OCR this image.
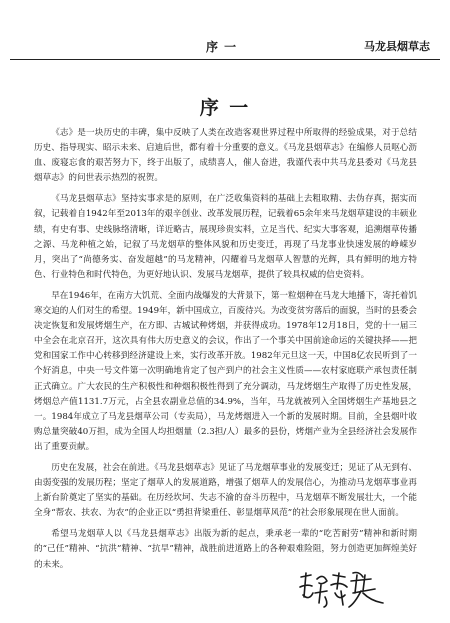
序 一	马龙县烟草志
序 一

《志》是一块历史的丰碑，集中反映了人类在改造客观世界过程中所取得的经验成果，对于总结历史、指导现实、昭示未来、启迪后世，都有着十分重要的意义。《马龙县烟草志》在编修人员呕心沥血、废寝忘食的艰苦努力下，终于出版了，成绩喜人，催人奋进，我谨代表中共马龙县委对《马龙县烟草志》的问世表示热烈的祝贺。

《马龙县烟草志》坚持实事求是的原则，在广泛收集资料的基础上去粗取精、去伪存真，据实而叙，记载着自1942年至2013年的艰辛创业、改革发展历程，记载着65余年来马龙烟草建设的丰硕业绩，有史有事、史线脉络清晰，详近略古，展现珍贵实料，立足当代、纪实大事客观，追溯烟草传播之源、马龙种植之始，记叙了马龙烟草的整体风貌和历史变迁，再现了马龙事业快速发展的峥嵘岁月，突出了“尚德务实、奋发超越”的马龙精神，闪耀着马龙烟草人智慧的光辉，具有鲜明的地方特色、行业特色和时代特色，为更好地认识、发展马龙烟草，提供了较具权威的信史资料。

早在1946年，在南方大饥荒、全面内战爆发的大背景下，第一粒烟种在马龙大地播下，寄托着饥寒交迫的人们对生的希望。1949年，新中国成立，百废待兴。为改变贫穷落后的面貌，当时的县委会决定恢复和发展烤烟生产，在方即、古城试种烤烟，并获得成功。1978年12月18日，党的十一届三中全会在北京召开，这次具有伟大历史意义的会议，作出了一个事关中国前途命运的关键抉择——把党和国家工作中心转移到经济建设上来，实行改革开放。1982年元旦这一天，中国8亿农民听到了一个好消息，中央一号文件第一次明确地肯定了包产到户的社会主义性质——农村家庭联产承包责任制正式确立。广大农民的生产积极性和种烟积极性得到了充分调动，马龙烤烟生产取得了历史性发展，烤烟总产值1131.7万元，占全县农副业总值的34.9%，当年，马龙就被列入全国烤烟生产基地县之一。1984年成立了马龙县烟草公司（专卖局），马龙烤烟进入一个新的发展时期。目前，全县烟叶收购总量突破40万担，成为全国人均担烟量（2.3担/人）最多的县份，烤烟产业为全县经济社会发展作出了重要贡献。

历史在发展，社会在前进。《马龙县烟草志》见证了马龙烟草事业的发展变迁；见证了从无到有、由弱变强的发展历程；坚定了烟草人的发展道路，增强了烟草人的发展信心，为推动马龙烟草事业再上新台阶奠定了坚实的基础。在历经坎坷、失志不渝的奋斗历程中，马龙烟草不断发展壮大，一个能全身“帮农、扶农、为农”的企业正以“勇担背梁重任、彰显烟草风范”的社会形象展现在世人面前。

希望马龙烟草人以《马龙县烟草志》出版为新的起点，秉承老一辈的“吃苦耐劳”精神和新时期的“己任”精神、“抗洪”精神、“抗旱”精神，战胜前进道路上的各种艰难险阻，努力创造更加辉煌美好的未来。
